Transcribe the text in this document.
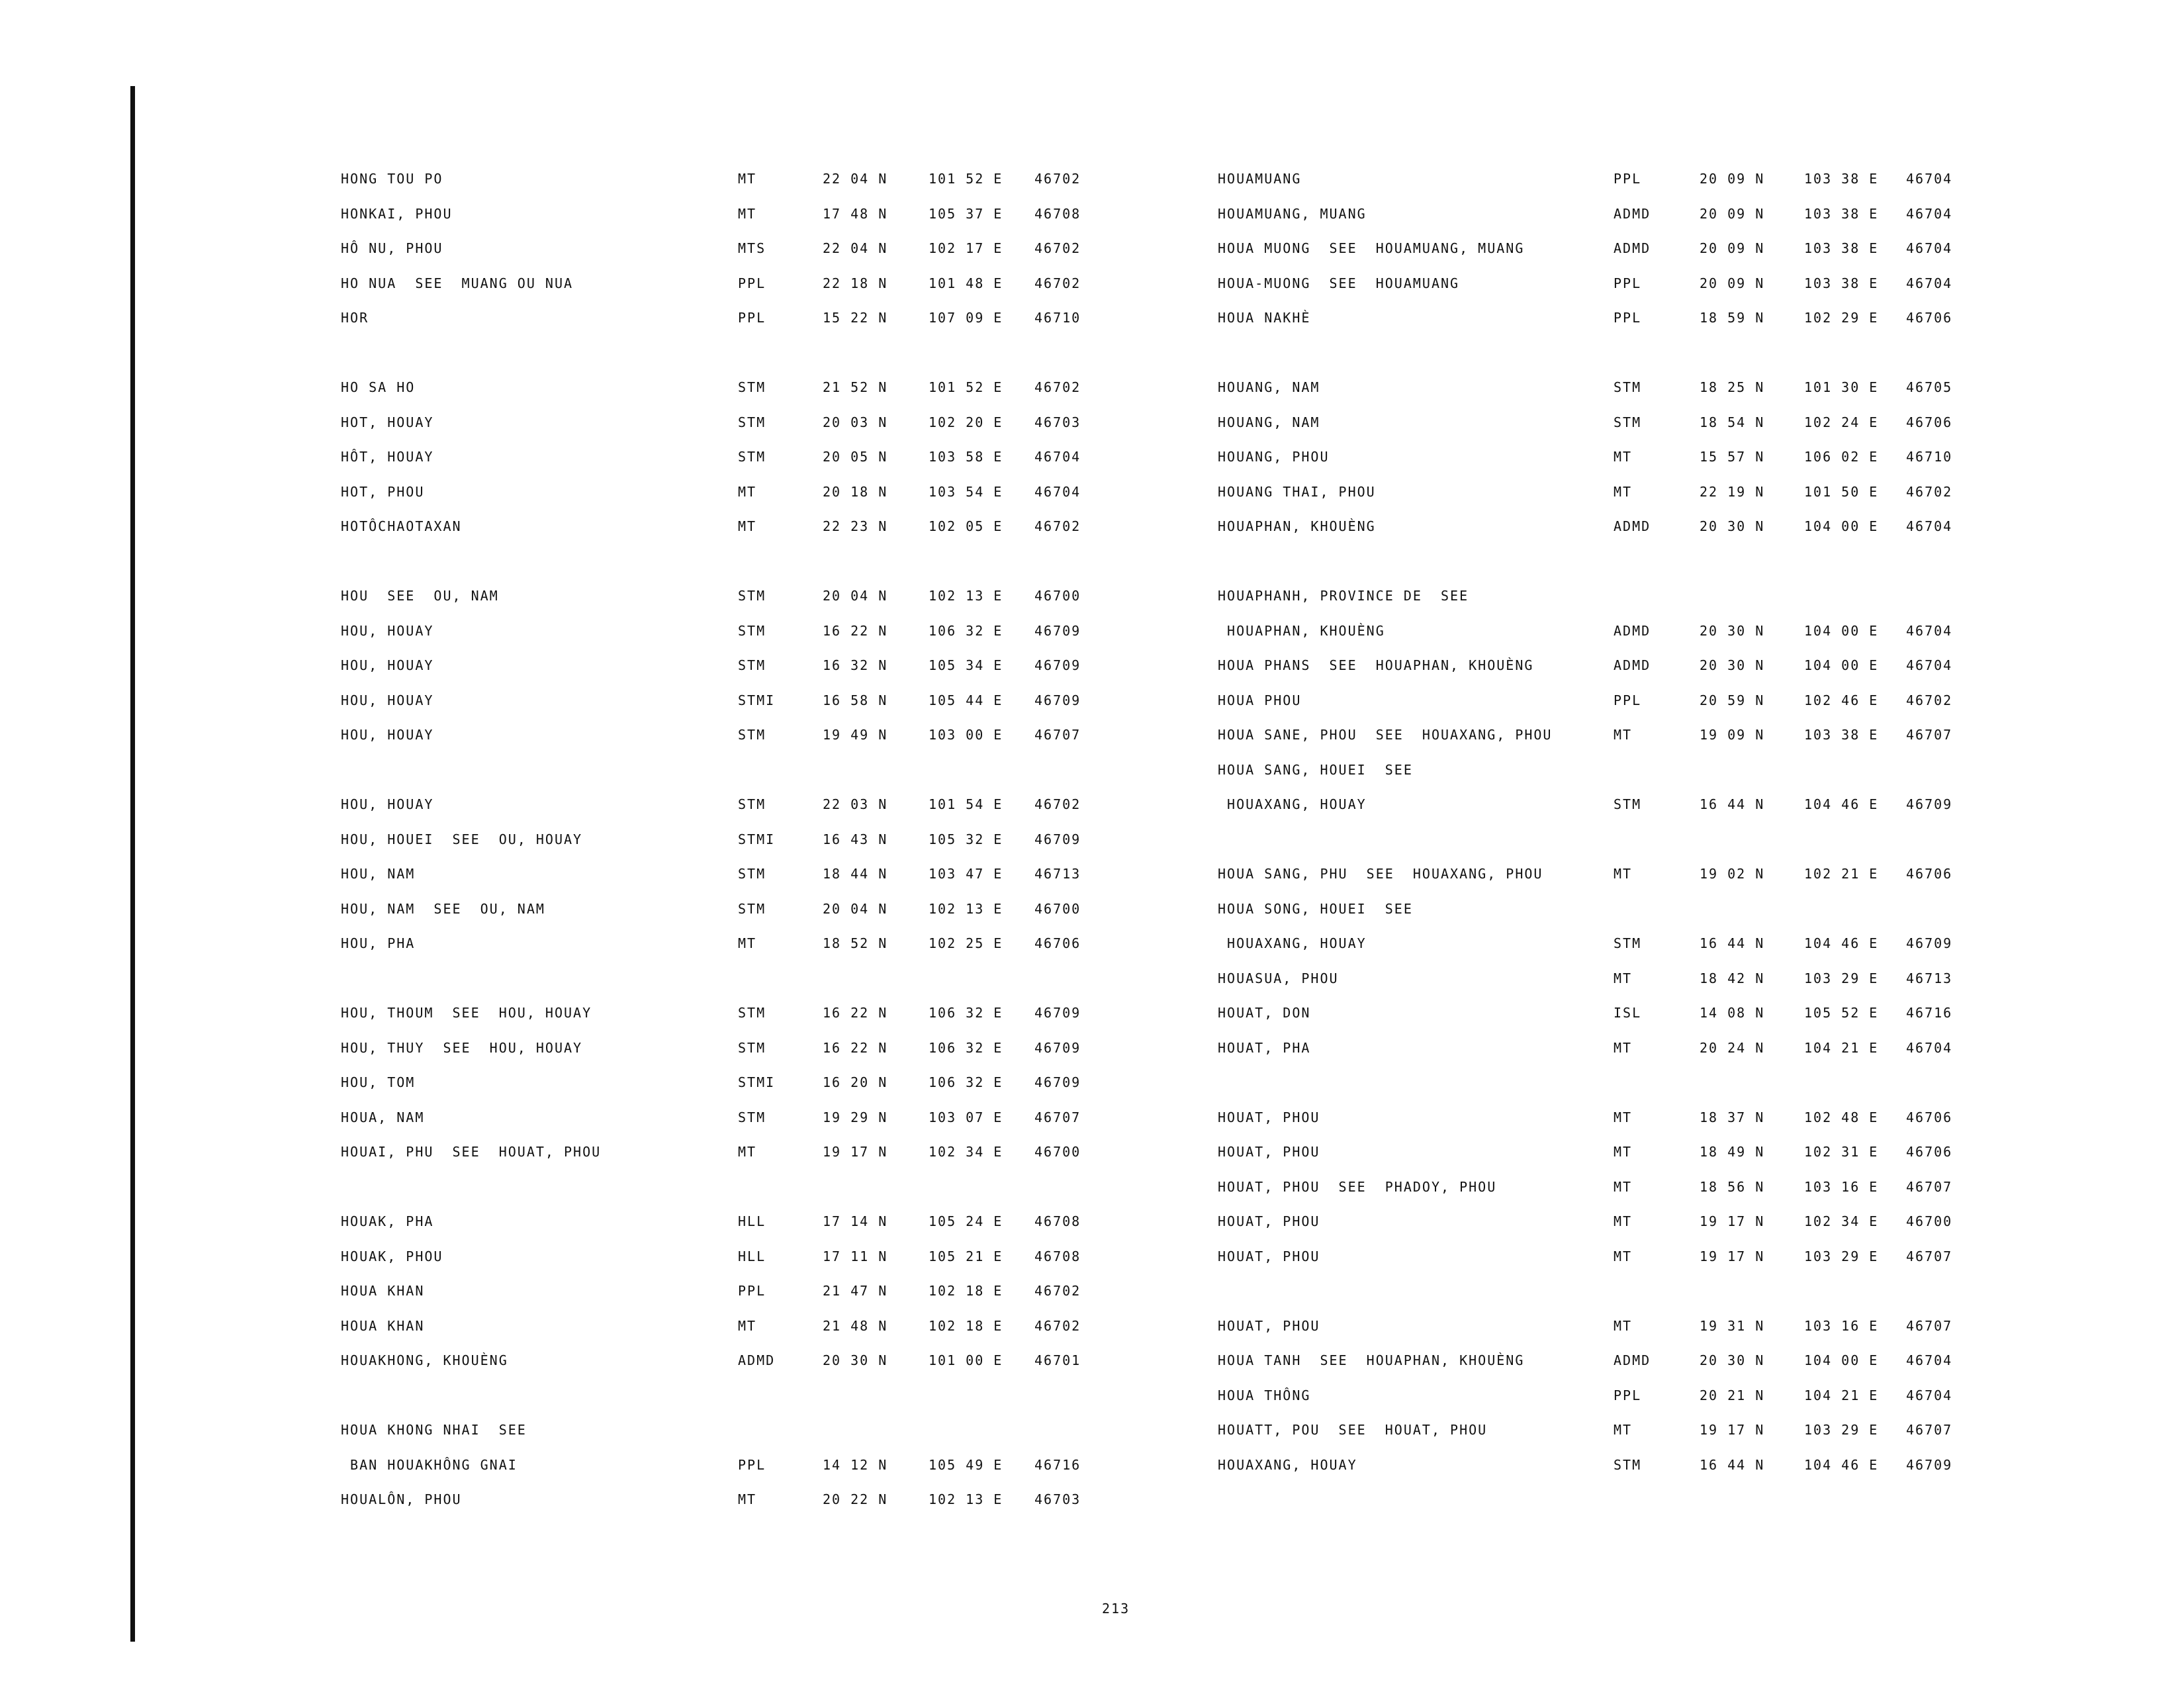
HONG TOU PO	MT	22 04 N	101 52 E 46702
HONKAI, PHOU	MT	17 48 N	105 37 E 46708
HÔ NU, PHOU	MTS	22 04 N	102 17 E 46702
HO NUA  SEE  MUANG OU NUA	PPL	22 18 N	101 48 E 46702
HOR	PPL	15 22 N	107 09 E 46710
HO SA HO	STM	21 52 N	101 52 E 46702
HOT, HOUAY	STM	20 03 N	102 20 E 46703
HÔT, HOUAY	STM	20 05 N	103 58 E 46704
HOT, PHOU	MT	20 18 N	103 54 E 46704
HOTÔCHAOTAXAN	MT	22 23 N	102 05 E 46702
HOU  SEE  OU, NAM	STM	20 04 N	102 13 E 46700
HOU, HOUAY	STM	16 22 N	106 32 E 46709
HOU, HOUAY	STM	16 32 N	105 34 E 46709
HOU, HOUAY	STMI	16 58 N	105 44 E 46709
HOU, HOUAY	STM	19 49 N	103 00 E 46707
HOU, HOUAY	STM	22 03 N	101 54 E 46702
HOU, HOUEI  SEE  OU, HOUAY	STMI	16 43 N	105 32 E 46709
HOU, NAM	STM	18 44 N	103 47 E 46713
HOU, NAM  SEE  OU, NAM	STM	20 04 N	102 13 E 46700
HOU, PHA	MT	18 52 N	102 25 E 46706
HOU, THOUM  SEE  HOU, HOUAY	STM	16 22 N	106 32 E 46709
HOU, THUY  SEE  HOU, HOUAY	STM	16 22 N	106 32 E 46709
HOU, TOM	STMI	16 20 N	106 32 E 46709
HOUA, NAM	STM	19 29 N	103 07 E 46707
HOUAI, PHU  SEE  HOUAT, PHOU	MT	19 17 N	102 34 E 46700
HOUAK, PHA	HLL	17 14 N	105 24 E 46708
HOUAK, PHOU	HLL	17 11 N	105 21 E 46708
HOUA KHAN	PPL	21 47 N	102 18 E 46702
HOUA KHAN	MT	21 48 N	102 18 E 46702
HOUAKHONG, KHOUÈNG	ADMD	20 30 N	101 00 E 46701
HOUA KHONG NHAI  SEE
BAN HOUAKHÔNG GNAI	PPL	14 12 N	105 49 E 46716
HOUALÔN, PHOU	MT	20 22 N	102 13 E 46703
HOUAMUANG	PPL	20 09 N	103 38 E 46704
HOUAMUANG, MUANG	ADMD	20 09 N	103 38 E 46704
HOUA MUONG  SEE  HOUAMUANG, MUANG	ADMD	20 09 N	103 38 E 46704
HOUA-MUONG  SEE  HOUAMUANG	PPL	20 09 N	103 38 E 46704
HOUA NAKHÈ	PPL	18 59 N	102 29 E 46706
HOUANG, NAM	STM	18 25 N	101 30 E 46705
HOUANG, NAM	STM	18 54 N	102 24 E 46706
HOUANG, PHOU	MT	15 57 N	106 02 E 46710
HOUANG THAI, PHOU	MT	22 19 N	101 50 E 46702
HOUAPHAN, KHOUÈNG	ADMD	20 30 N	104 00 E 46704
HOUAPHANH, PROVINCE DE  SEE
HOUAPHAN, KHOUÈNG	ADMD	20 30 N	104 00 E 46704
HOUA PHANS  SEE  HOUAPHAN, KHOUÈNG	ADMD	20 30 N	104 00 E 46704
HOUA PHOU	PPL	20 59 N	102 46 E 46702
HOUA SANE, PHOU  SEE  HOUAXANG, PHOU	MT	19 09 N	103 38 E 46707
HOUA SANG, HOUEI  SEE
HOUAXANG, HOUAY	STM	16 44 N	104 46 E 46709
HOUA SANG, PHU  SEE  HOUAXANG, PHOU	MT	19 02 N	102 21 E 46706
HOUA SONG, HOUEI  SEE
HOUAXANG, HOUAY	STM	16 44 N	104 46 E 46709
HOUASUA, PHOU	MT	18 42 N	103 29 E 46713
HOUAT, DON	ISL	14 08 N	105 52 E 46716
HOUAT, PHA	MT	20 24 N	104 21 E 46704
HOUAT, PHOU	MT	18 37 N	102 48 E 46706
HOUAT, PHOU	MT	18 49 N	102 31 E 46706
HOUAT, PHOU  SEE  PHADOY, PHOU	MT	18 56 N	103 16 E 46707
HOUAT, PHOU	MT	19 17 N	102 34 E 46700
HOUAT, PHOU	MT	19 17 N	103 29 E 46707
HOUAT, PHOU	MT	19 31 N	103 16 E 46707
HOUA TANH  SEE  HOUAPHAN, KHOUÈNG	ADMD	20 30 N	104 00 E 46704
HOUA THÔNG	PPL	20 21 N	104 21 E 46704
HOUATT, POU  SEE  HOUAT, PHOU	MT	19 17 N	103 29 E 46707
HOUAXANG, HOUAY	STM	16 44 N	104 46 E 46709
213
